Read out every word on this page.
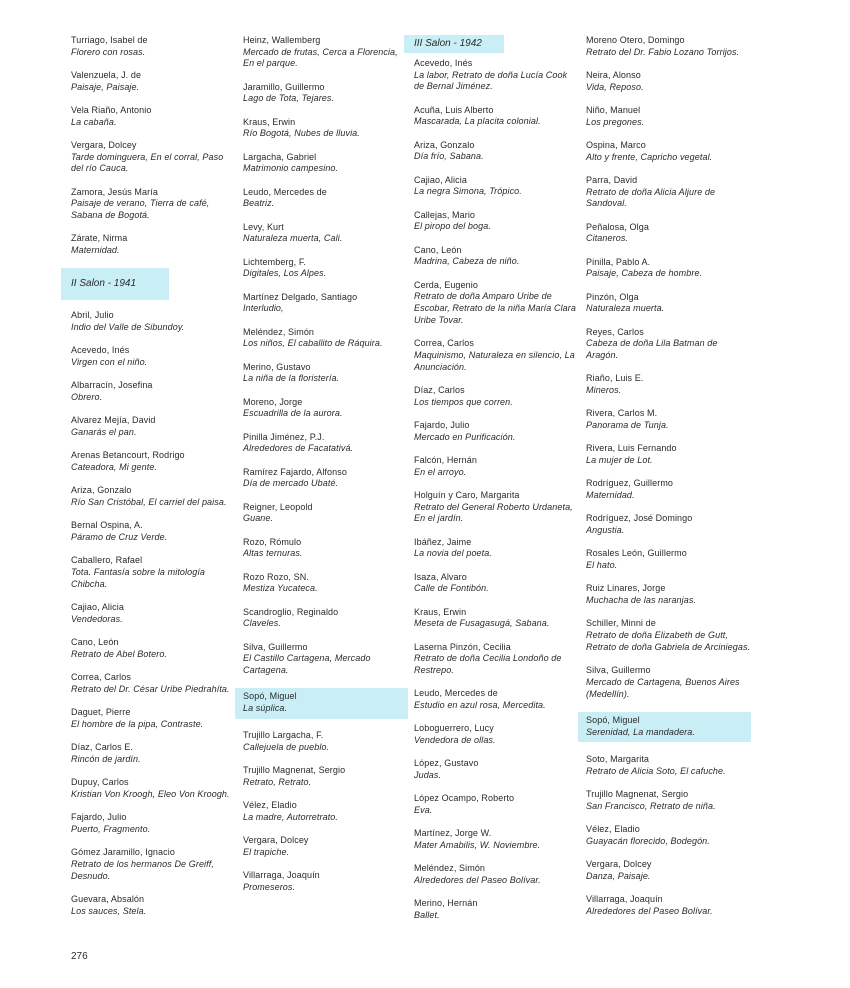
Turriago, Isabel de
Florero con rosas.
Valenzuela, J. de
Paisaje, Paisaje.
Vela Riaño, Antonio
La cabaña.
Vergara, Dolcey
Tarde dominguera, En el corral, Paso del río Cauca.
Zamora, Jesús María
Paisaje de verano, Tierra de café, Sabana de Bogotá.
Zárate, Nirma
Maternidad.
II Salon - 1941
Abril, Julio
Indio del Valle de Sibundoy.
Acevedo, Inés
Virgen con el niño.
Albarracín, Josefina
Obrero.
Alvarez Mejía, David
Ganarás el pan.
Arenas Betancourt, Rodrigo
Cateadora, Mi gente.
Ariza, Gonzalo
Río San Cristóbal, El carriel del paisa.
Bernal Ospina, A.
Páramo de Cruz Verde.
Caballero, Rafael
Tota. Fantasía sobre la mitología Chibcha.
Cajiao, Alicia
Vendedoras.
Cano, León
Retrato de Abel Botero.
Correa, Carlos
Retrato del Dr. César Uribe Piedrahíta.
Daguet, Pierre
El hombre de la pipa, Contraste.
Díaz, Carlos E.
Rincón de jardín.
Dupuy, Carlos
Kristian Von Kroogh, Eleo Von Kroogh.
Fajardo, Julio
Puerto, Fragmento.
Gómez Jaramillo, Ignacio
Retrato de los hermanos De Greiff, Desnudo.
Guevara, Absalón
Los sauces, Stela.
Heinz, Wallemberg
Mercado de frutas, Cerca a Florencia, En el parque.
Jaramillo, Guillermo
Lago de Tota, Tejares.
Kraus, Erwin
Río Bogotá, Nubes de lluvia.
Largacha, Gabriel
Matrimonio campesino.
Leudo, Mercedes de
Beatriz.
Levy, Kurt
Naturaleza muerta, Cali.
Lichtemberg, F.
Digitales, Los Alpes.
Martínez Delgado, Santiago
Interludio,
Meléndez, Simón
Los niños, El caballito de Ráquira.
Merino, Gustavo
La niña de la floristería.
Moreno, Jorge
Escuadrilla de la aurora.
Pinilla Jiménez, P.J.
Alrededores de Facatativá.
Ramírez Fajardo, Alfonso
Día de mercado Ubaté.
Reigner, Leopold
Guane.
Rozo, Rómulo
Altas ternuras.
Rozo Rozo, SN.
Mestiza Yucateca.
Scandroglio, Reginaldo
Claveles.
Silva, Guillermo
El Castillo Cartagena, Mercado Cartagena.
Sopó, Miguel
La súplica.
Trujillo Largacha, F.
Callejuela de pueblo.
Trujillo Magnenat, Sergio
Retrato, Retrato.
Vélez, Eladio
La madre, Autorretrato.
Vergara, Dolcey
El trapiche.
Villarraga, Joaquín
Promeseros.
III Salon - 1942
Acevedo, Inés
La labor, Retrato de doña Lucía Cook de Bernal Jiménez.
Acuña, Luis Alberto
Mascarada, La placita colonial.
Ariza, Gonzalo
Día frío, Sabana.
Cajiao, Alicia
La negra Simona, Trópico.
Callejas, Mario
El piropo del boga.
Cano, León
Madrina, Cabeza de niño.
Cerda, Eugenio
Retrato de doña Amparo Uribe de Escobar, Retrato de la niña María Clara Uribe Tovar.
Correa, Carlos
Maquinismo, Naturaleza en silencio, La Anunciación.
Díaz, Carlos
Los tiempos que corren.
Fajardo, Julio
Mercado en Purificación.
Falcón, Hernán
En el arroyo.
Holguín y Caro, Margarita
Retrato del General Roberto Urdaneta, En el jardín.
Ibáñez, Jaime
La novia del poeta.
Isaza, Alvaro
Calle de Fontibón.
Kraus, Erwin
Meseta de Fusagasugá, Sabana.
Laserna Pinzón, Cecilia
Retrato de doña Cecilia Londoño de Restrepo.
Leudo, Mercedes de
Estudio en azul rosa, Mercedita.
Loboguerrero, Lucy
Vendedora de ollas.
López, Gustavo
Judas.
López Ocampo, Roberto
Eva.
Martínez, Jorge W.
Mater Amabilis, W. Noviembre.
Meléndez, Simón
Alrededores del Paseo Bolívar.
Merino, Hernán
Ballet.
Moreno Otero, Domingo
Retrato del Dr. Fabio Lozano Torrijos.
Neira, Alonso
Vida, Reposo.
Niño, Manuel
Los pregones.
Ospina, Marco
Alto y frente, Capricho vegetal.
Parra, David
Retrato de doña Alicia Aljure de Sandoval.
Peñalosa, Olga
Citaneros.
Pinilla, Pablo A.
Paisaje, Cabeza de hombre.
Pinzón, Olga
Naturaleza muerta.
Reyes, Carlos
Cabeza de doña Lila Batman de Aragón.
Riaño, Luis E.
Mineros.
Rivera, Carlos M.
Panorama de Tunja.
Rivera, Luis Fernando
La mujer de Lot.
Rodríguez, Guillermo
Maternidad.
Rodríguez, José Domingo
Angustia.
Rosales León, Guillermo
El hato.
Ruiz Linares, Jorge
Muchacha de las naranjas.
Schiller, Minni de
Retrato de doña Elizabeth de Gutt, Retrato de doña Gabriela de Arciniegas.
Silva, Guillermo
Mercado de Cartagena, Buenos Aires (Medellín).
Sopó, Miguel
Serenidad, La mandadera.
Soto, Margarita
Retrato de Alicia Soto, El cafuche.
Trujillo Magnenat, Sergio
San Francisco, Retrato de niña.
Vélez, Eladio
Guayacán florecido, Bodegón.
Vergara, Dolcey
Danza, Paisaje.
Villarraga, Joaquín
Alrededores del Paseo Bolívar.
276
